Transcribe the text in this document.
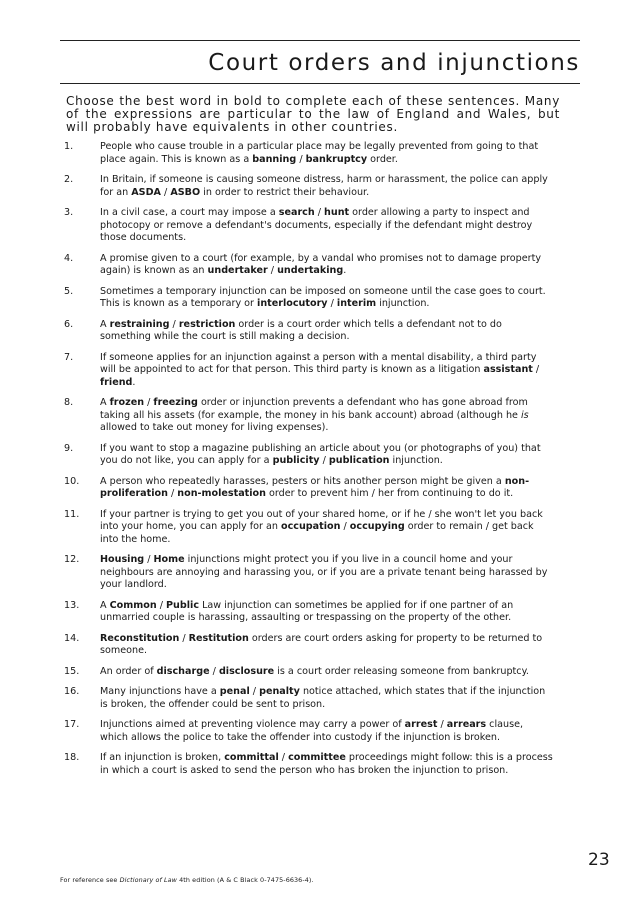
Court orders and injunctions
Choose the best word in bold to complete each of these sentences. Many of the expressions are particular to the law of England and Wales, but will probably have equivalents in other countries.
1.	People who cause trouble in a particular place may be legally prevented from going to that place again. This is known as a banning / bankruptcy order.
2.	In Britain, if someone is causing someone distress, harm or harassment, the police can apply for an ASDA / ASBO in order to restrict their behaviour.
3.	In a civil case, a court may impose a search / hunt order allowing a party to inspect and photocopy or remove a defendant's documents, especially if the defendant might destroy those documents.
4.	A promise given to a court (for example, by a vandal who promises not to damage property again) is known as an undertaker / undertaking.
5.	Sometimes a temporary injunction can be imposed on someone until the case goes to court. This is known as a temporary or interlocutory / interim injunction.
6.	A restraining / restriction order is a court order which tells a defendant not to do something while the court is still making a decision.
7.	If someone applies for an injunction against a person with a mental disability, a third party will be appointed to act for that person. This third party is known as a litigation assistant / friend.
8.	A frozen / freezing order or injunction prevents a defendant who has gone abroad from taking all his assets (for example, the money in his bank account) abroad (although he is allowed to take out money for living expenses).
9.	If you want to stop a magazine publishing an article about you (or photographs of you) that you do not like, you can apply for a publicity / publication injunction.
10. A person who repeatedly harasses, pesters or hits another person might be given a non-proliferation / non-molestation order to prevent him / her from continuing to do it.
11. If your partner is trying to get you out of your shared home, or if he / she won't let you back into your home, you can apply for an occupation / occupying order to remain / get back into the home.
12. Housing / Home injunctions might protect you if you live in a council home and your neighbours are annoying and harassing you, or if you are a private tenant being harassed by your landlord.
13. A Common / Public Law injunction can sometimes be applied for if one partner of an unmarried couple is harassing, assaulting or trespassing on the property of the other.
14. Reconstitution / Restitution orders are court orders asking for property to be returned to someone.
15. An order of discharge / disclosure is a court order releasing someone from bankruptcy.
16. Many injunctions have a penal / penalty notice attached, which states that if the injunction is broken, the offender could be sent to prison.
17. Injunctions aimed at preventing violence may carry a power of arrest / arrears clause, which allows the police to take the offender into custody if the injunction is broken.
18. If an injunction is broken, committal / committee proceedings might follow: this is a process in which a court is asked to send the person who has broken the injunction to prison.
23
For reference see Dictionary of Law 4th edition (A & C Black 0-7475-6636-4).
